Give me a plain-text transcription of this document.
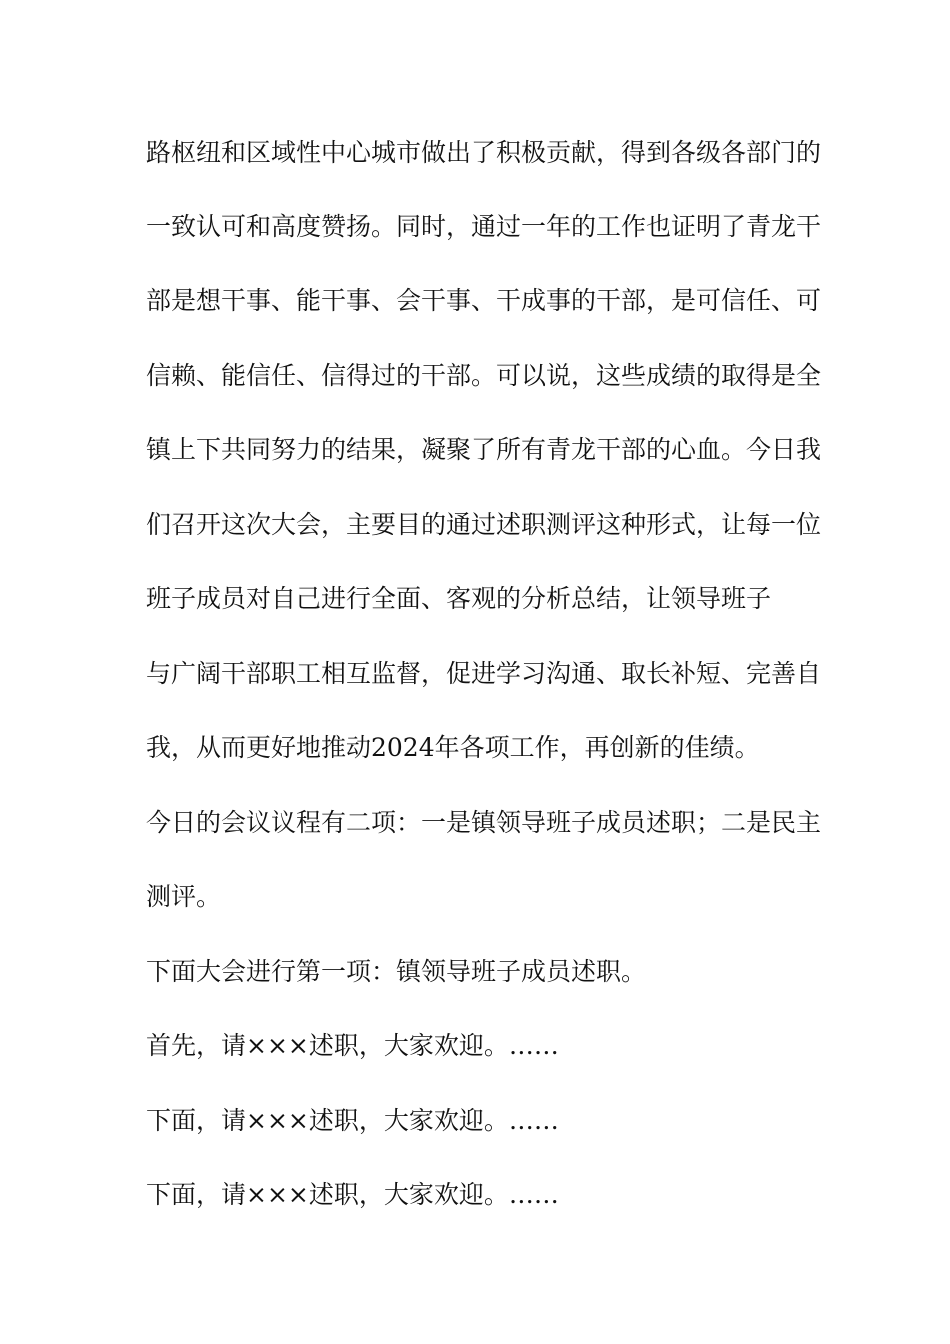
路枢纽和区域性中心城市做出了积极贡献，得到各级各部门的
一致认可和高度赞扬。同时，通过一年的工作也证明了青龙干
部是想干事、能干事、会干事、干成事的干部，是可信任、可
信赖、能信任、信得过的干部。可以说，这些成绩的取得是全
镇上下共同努力的结果，凝聚了所有青龙干部的心血。今日我
们召开这次大会，主要目的通过述职测评这种形式，让每一位
班子成员对自己进行全面、客观的分析总结，让领导班子
与广阔干部职工相互监督，促进学习沟通、取长补短、完善自
我，从而更好地推动2024年各项工作，再创新的佳绩。
今日的会议议程有二项：一是镇领导班子成员述职；二是民主
测评。
下面大会进行第一项：镇领导班子成员述职。
首先，请×××述职，大家欢迎。……
下面，请×××述职，大家欢迎。……
下面，请×××述职，大家欢迎。……
